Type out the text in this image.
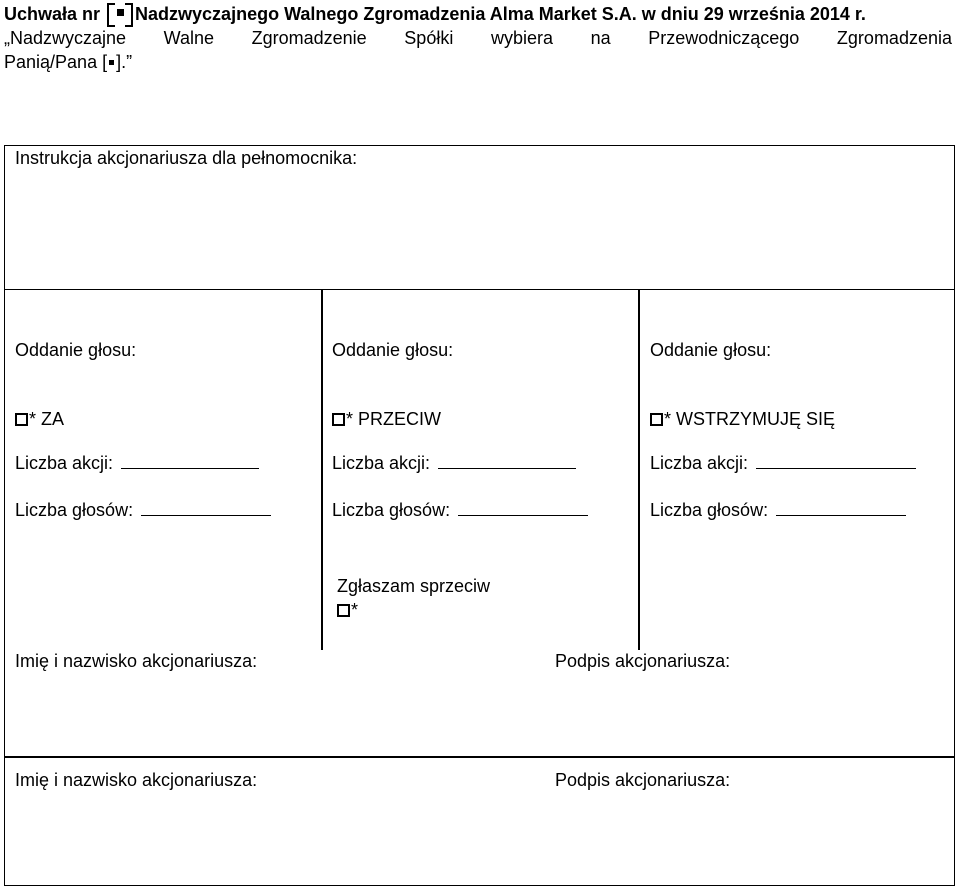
Uchwała nr
Nadzwyczajnego Walnego Zgromadzenia Alma Market S.A. w dniu 29 września 2014 r.

„Nadzwyczajne Walne Zgromadzenie Spółki wybiera na Przewodniczącego Zgromadzenia

Panią/Pana [ ].”

Instrukcja akcjonariusza dla pełnomocnika:
Oddanie głosu:
* ZA
Liczba akcji:
Liczba głosów:
Oddanie głosu:
* PRZECIW
Liczba akcji:
Liczba głosów:
Oddanie głosu:
* WSTRZYMUJĘ SIĘ
Liczba akcji:
Liczba głosów:
Zgłaszam sprzeciw
*
Imię i nazwisko akcjonariusza:	Podpis akcjonariusza:
Imię i nazwisko akcjonariusza:	Podpis akcjonariusza:
